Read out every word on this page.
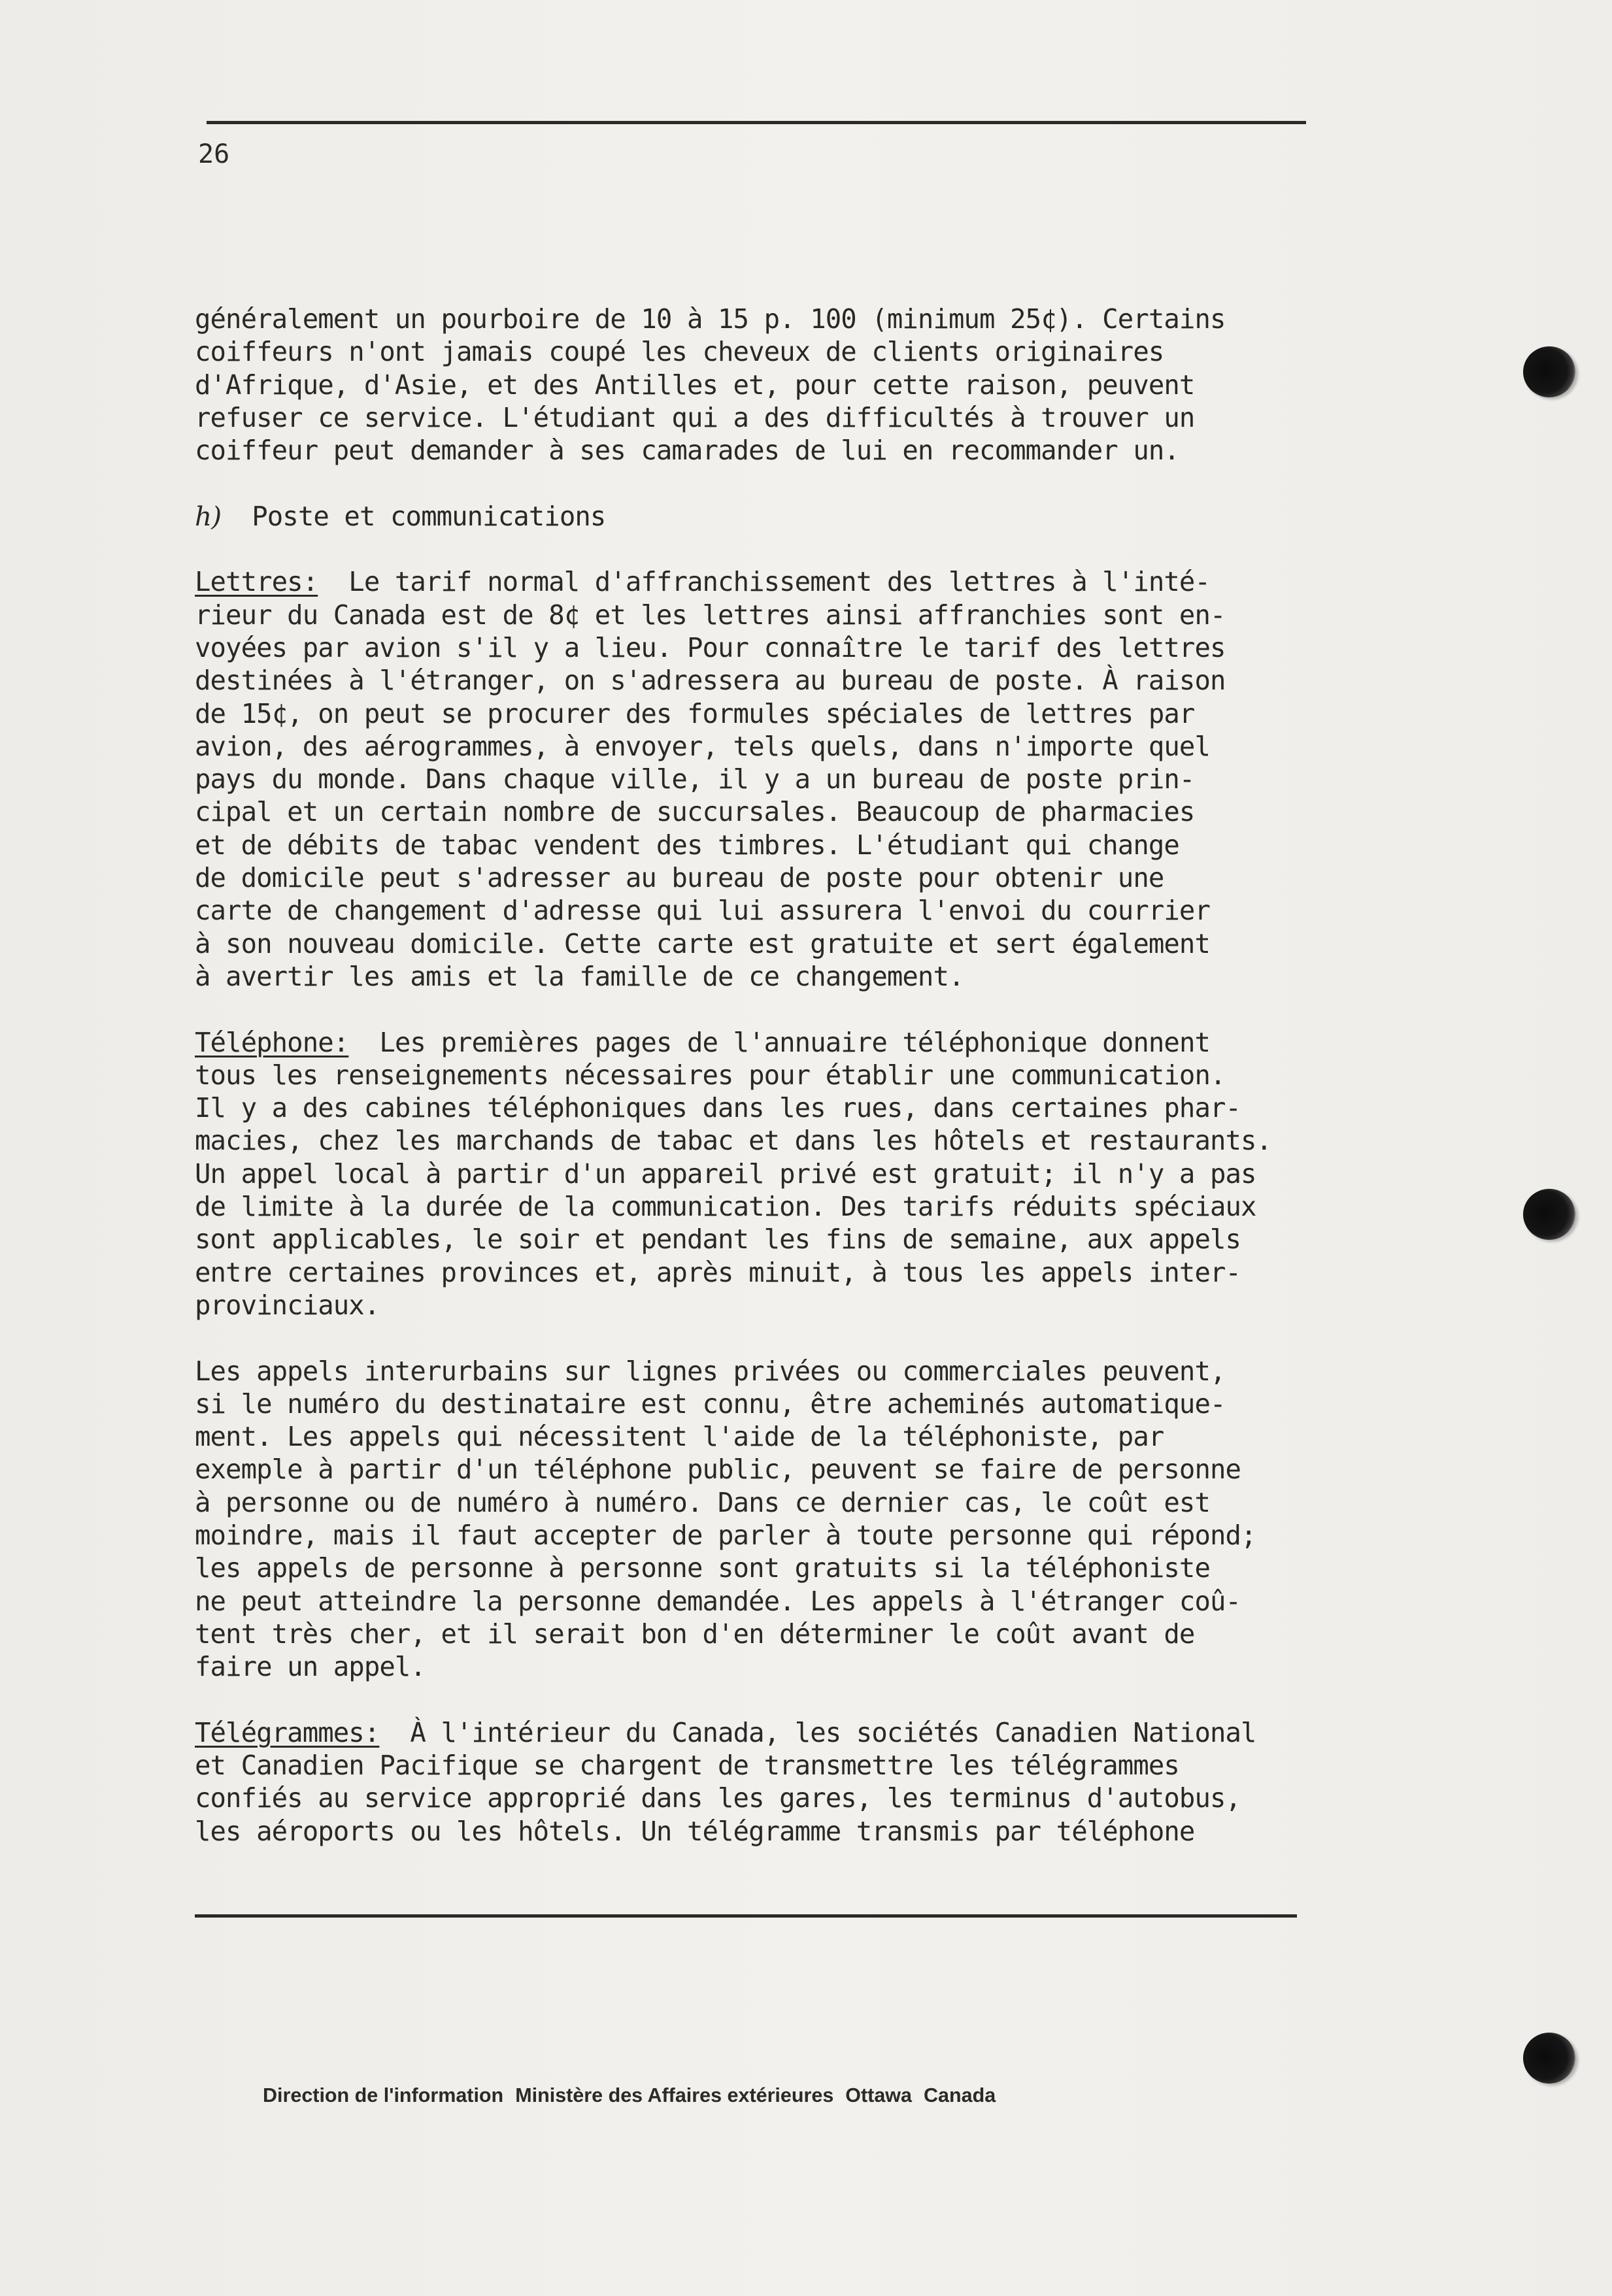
26
généralement un pourboire de 10 à 15 p. 100 (minimum 25¢). Certains
coiffeurs n'ont jamais coupé les cheveux de clients originaires
d'Afrique, d'Asie, et des Antilles et, pour cette raison, peuvent
refuser ce service. L'étudiant qui a des difficultés à trouver un
coiffeur peut demander à ses camarades de lui en recommander un.
h) Poste et communications
Lettres:  Le tarif normal d'affranchissement des lettres à l'inté-
rieur du Canada est de 8¢ et les lettres ainsi affranchies sont en-
voyées par avion s'il y a lieu. Pour connaître le tarif des lettres
destinées à l'étranger, on s'adressera au bureau de poste. À raison
de 15¢, on peut se procurer des formules spéciales de lettres par
avion, des aérogrammes, à envoyer, tels quels, dans n'importe quel
pays du monde. Dans chaque ville, il y a un bureau de poste prin-
cipal et un certain nombre de succursales. Beaucoup de pharmacies
et de débits de tabac vendent des timbres. L'étudiant qui change
de domicile peut s'adresser au bureau de poste pour obtenir une
carte de changement d'adresse qui lui assurera l'envoi du courrier
à son nouveau domicile. Cette carte est gratuite et sert également
à avertir les amis et la famille de ce changement.
Téléphone:  Les premières pages de l'annuaire téléphonique donnent
tous les renseignements nécessaires pour établir une communication.
Il y a des cabines téléphoniques dans les rues, dans certaines phar-
macies, chez les marchands de tabac et dans les hôtels et restaurants.
Un appel local à partir d'un appareil privé est gratuit; il n'y a pas
de limite à la durée de la communication. Des tarifs réduits spéciaux
sont applicables, le soir et pendant les fins de semaine, aux appels
entre certaines provinces et, après minuit, à tous les appels inter-
provinciaux.
Les appels interurbains sur lignes privées ou commerciales peuvent,
si le numéro du destinataire est connu, être acheminés automatique-
ment. Les appels qui nécessitent l'aide de la téléphoniste, par
exemple à partir d'un téléphone public, peuvent se faire de personne
à personne ou de numéro à numéro. Dans ce dernier cas, le coût est
moindre, mais il faut accepter de parler à toute personne qui répond;
les appels de personne à personne sont gratuits si la téléphoniste
ne peut atteindre la personne demandée. Les appels à l'étranger coû-
tent très cher, et il serait bon d'en déterminer le coût avant de
faire un appel.
Télégrammes:  À l'intérieur du Canada, les sociétés Canadien National
et Canadien Pacifique se chargent de transmettre les télégrammes
confiés au service approprié dans les gares, les terminus d'autobus,
les aéroports ou les hôtels. Un télégramme transmis par téléphone
Direction de l'information Ministère des Affaires extérieures Ottawa Canada
